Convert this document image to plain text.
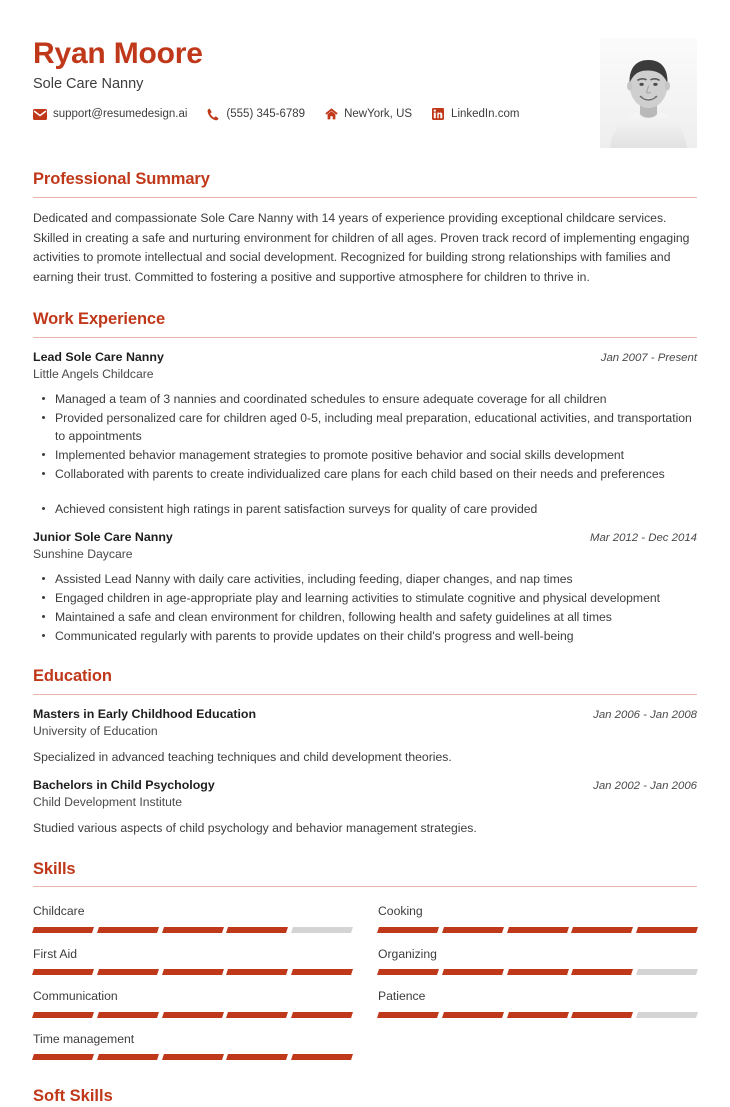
Ryan Moore
Sole Care Nanny
support@resumedesign.ai	(555) 345-6789	NewYork, US	LinkedIn.com
Professional Summary

Dedicated and compassionate Sole Care Nanny with 14 years of experience providing exceptional childcare services. Skilled in creating a safe and nurturing environment for children of all ages. Proven track record of implementing engaging activities to promote intellectual and social development. Recognized for building strong relationships with families and earning their trust. Committed to fostering a positive and supportive atmosphere for children to thrive in.

Work Experience
Lead Sole Care Nanny	Jan 2007 - Present
Little Angels Childcare
Managed a team of 3 nannies and coordinated schedules to ensure adequate coverage for all children
Provided personalized care for children aged 0-5, including meal preparation, educational activities, and transportation to appointments
Implemented behavior management strategies to promote positive behavior and social skills development
Collaborated with parents to create individualized care plans for each child based on their needs and preferences
Achieved consistent high ratings in parent satisfaction surveys for quality of care provided
Junior Sole Care Nanny	Mar 2012 - Dec 2014
Sunshine Daycare
Assisted Lead Nanny with daily care activities, including feeding, diaper changes, and nap times
Engaged children in age-appropriate play and learning activities to stimulate cognitive and physical development
Maintained a safe and clean environment for children, following health and safety guidelines at all times
Communicated regularly with parents to provide updates on their child's progress and well-being
Education
Masters in Early Childhood Education	Jan 2006 - Jan 2008
University of Education
Specialized in advanced teaching techniques and child development theories.
Bachelors in Child Psychology	Jan 2002 - Jan 2006
Child Development Institute
Studied various aspects of child psychology and behavior management strategies.
Skills
Childcare	Cooking
First Aid	Organizing
Communication	Patience
Time management
Soft Skills
